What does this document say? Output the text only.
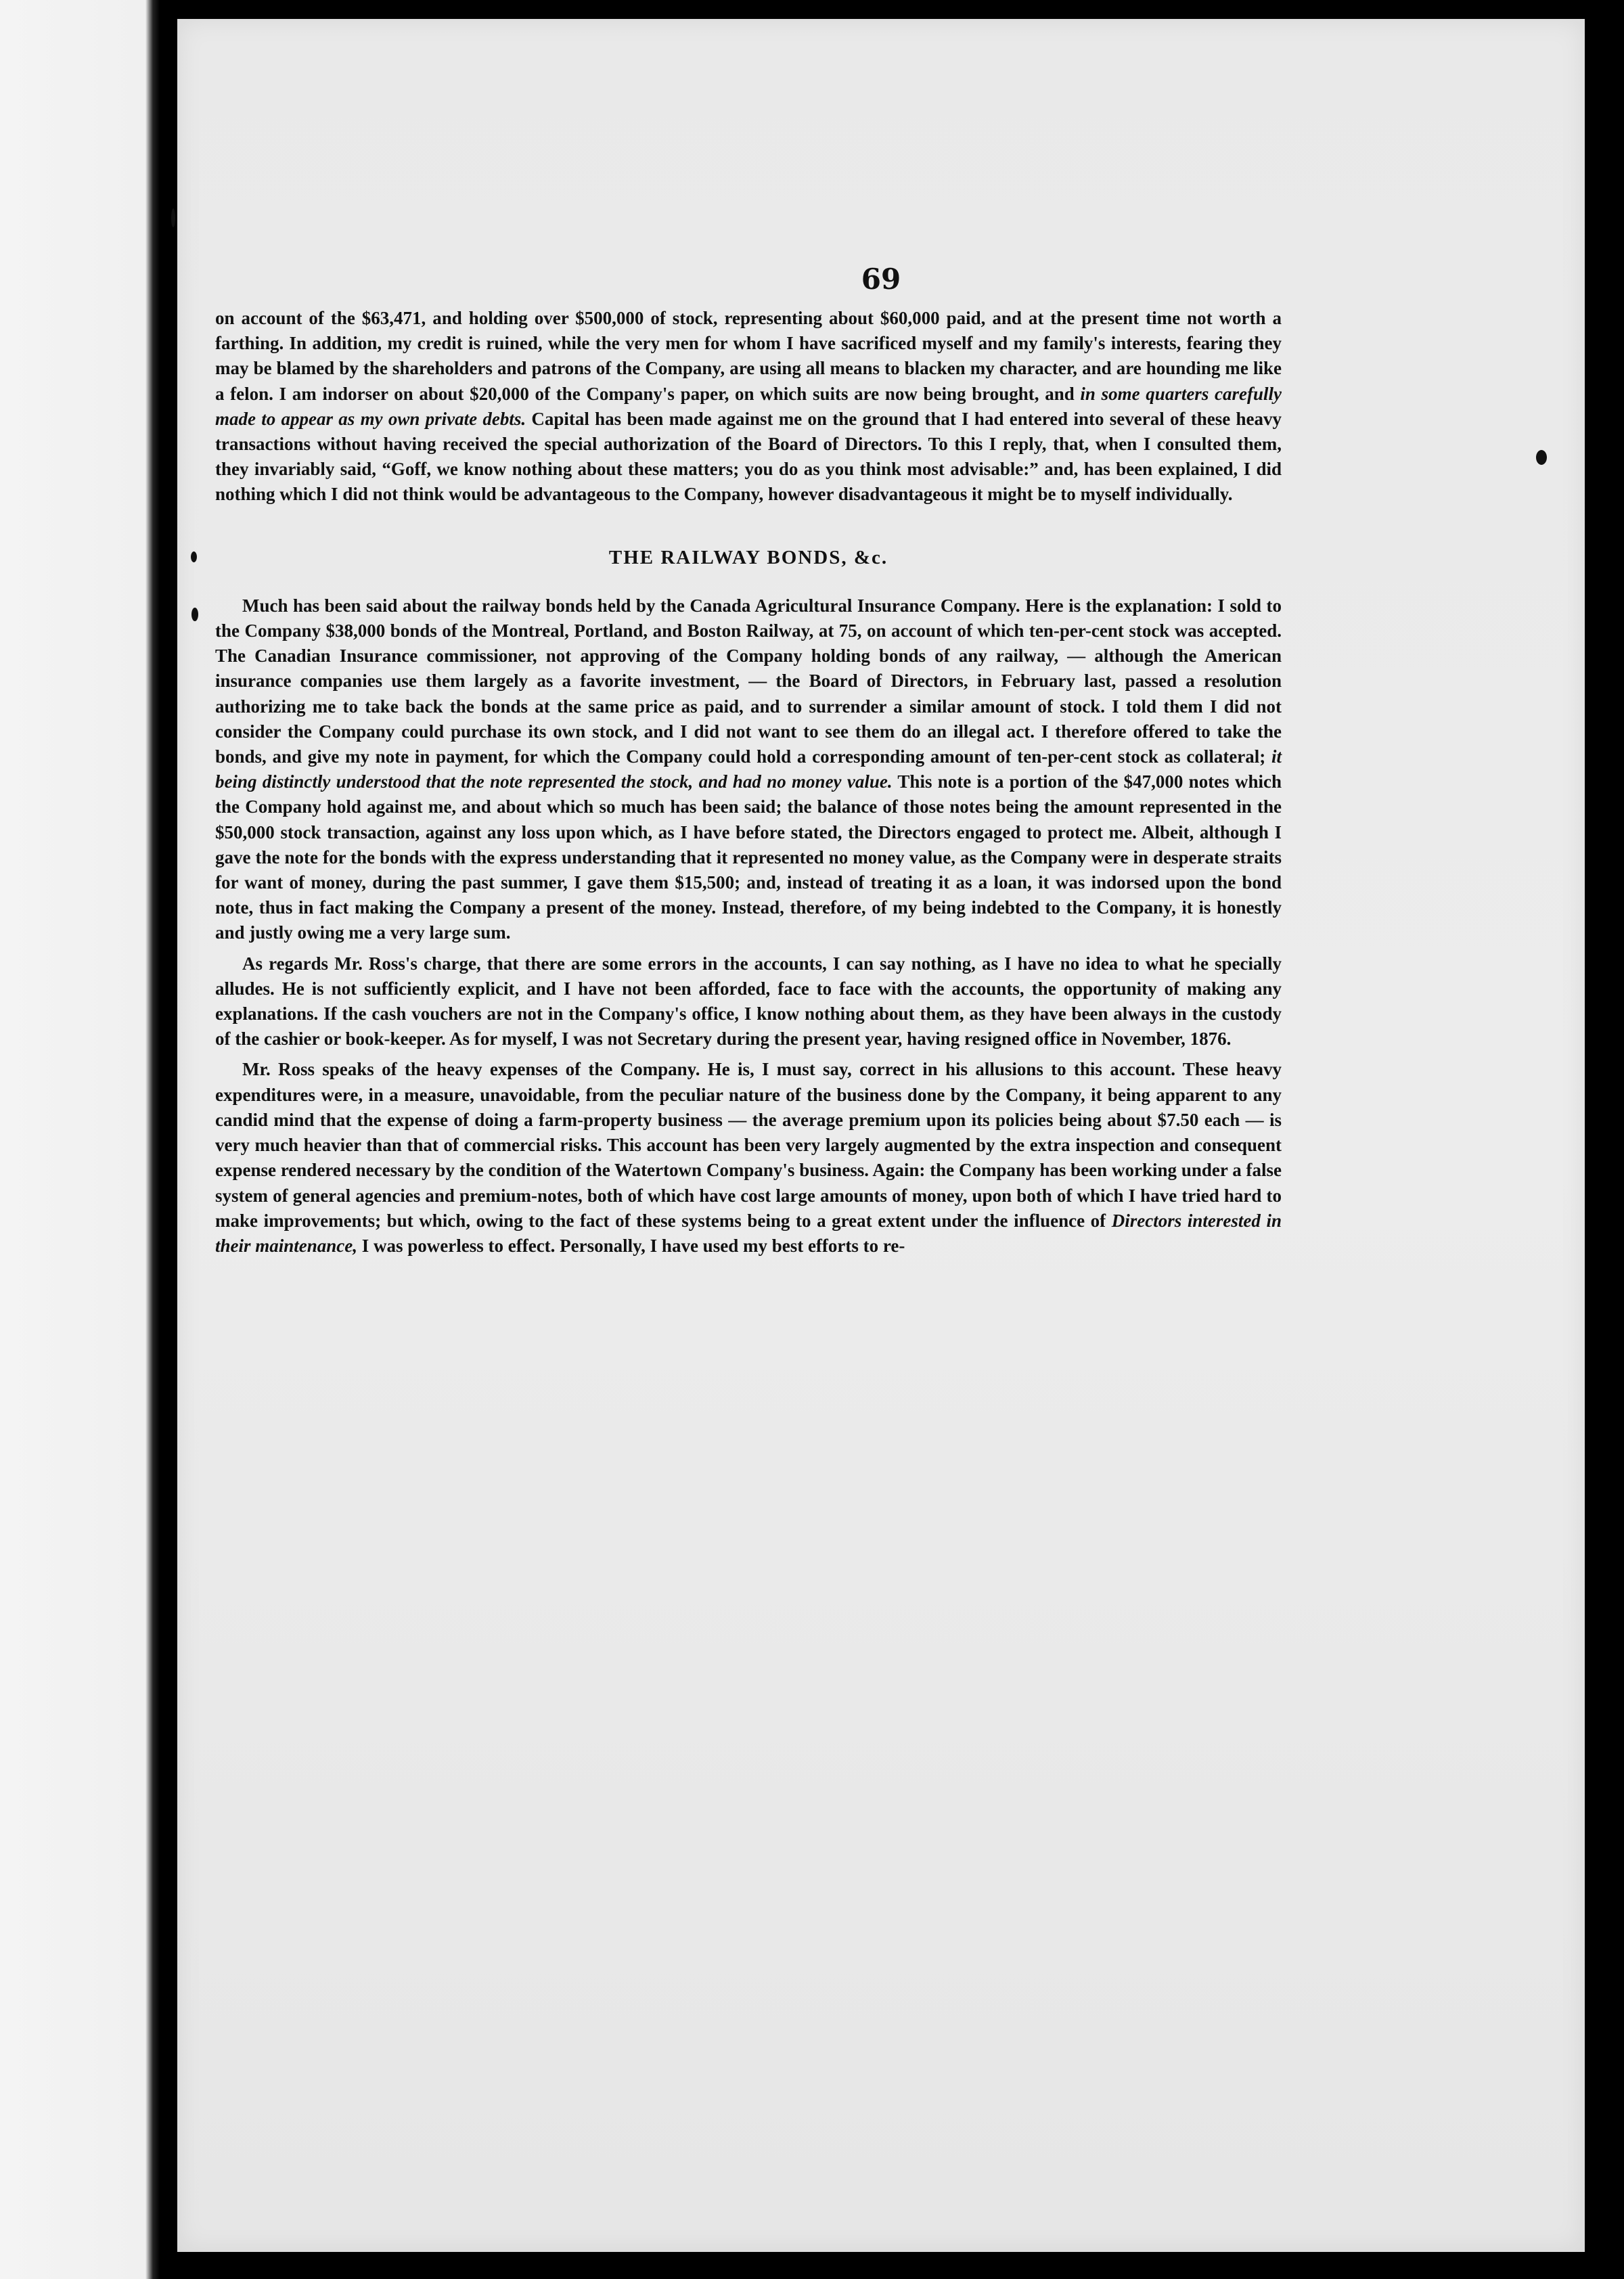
69

on account of the $63,471, and holding over $500,000 of stock, representing about $60,000 paid, and at the present time not worth a farthing. In addition, my credit is ruined, while the very men for whom I have sacrificed myself and my family's interests, fearing they may be blamed by the shareholders and patrons of the Company, are using all means to blacken my character, and are hounding me like a felon. I am indorser on about $20,000 of the Company's paper, on which suits are now being brought, and in some quarters carefully made to appear as my own private debts. Capital has been made against me on the ground that I had entered into several of these heavy transactions without having received the special authorization of the Board of Directors. To this I reply, that, when I consulted them, they invariably said, “Goff, we know nothing about these matters; you do as you think most advisable:” and, has been explained, I did nothing which I did not think would be advantageous to the Company, however disadvantageous it might be to myself individually.

THE RAILWAY BONDS, &c.

Much has been said about the railway bonds held by the Canada Agricultural Insurance Company. Here is the explanation: I sold to the Company $38,000 bonds of the Montreal, Portland, and Boston Railway, at 75, on account of which ten-per-cent stock was accepted. The Canadian Insurance commissioner, not approving of the Company holding bonds of any railway, — although the American insurance companies use them largely as a favorite investment, — the Board of Directors, in February last, passed a resolution authorizing me to take back the bonds at the same price as paid, and to surrender a similar amount of stock. I told them I did not consider the Company could purchase its own stock, and I did not want to see them do an illegal act. I therefore offered to take the bonds, and give my note in payment, for which the Company could hold a corresponding amount of ten-per-cent stock as collateral; it being distinctly understood that the note represented the stock, and had no money value. This note is a portion of the $47,000 notes which the Company hold against me, and about which so much has been said; the balance of those notes being the amount represented in the $50,000 stock transaction, against any loss upon which, as I have before stated, the Directors engaged to protect me. Albeit, although I gave the note for the bonds with the express understanding that it represented no money value, as the Company were in desperate straits for want of money, during the past summer, I gave them $15,500; and, instead of treating it as a loan, it was indorsed upon the bond note, thus in fact making the Company a present of the money. Instead, therefore, of my being indebted to the Company, it is honestly and justly owing me a very large sum.

As regards Mr. Ross's charge, that there are some errors in the accounts, I can say nothing, as I have no idea to what he specially alludes. He is not sufficiently explicit, and I have not been afforded, face to face with the accounts, the opportunity of making any explanations. If the cash vouchers are not in the Company's office, I know nothing about them, as they have been always in the custody of the cashier or book-keeper. As for myself, I was not Secretary during the present year, having resigned office in November, 1876.

Mr. Ross speaks of the heavy expenses of the Company. He is, I must say, correct in his allusions to this account. These heavy expenditures were, in a measure, unavoidable, from the peculiar nature of the business done by the Company, it being apparent to any candid mind that the expense of doing a farm-property business — the average premium upon its policies being about $7.50 each — is very much heavier than that of commercial risks. This account has been very largely augmented by the extra inspection and consequent expense rendered necessary by the condition of the Watertown Company's business. Again: the Company has been working under a false system of general agencies and premium-notes, both of which have cost large amounts of money, upon both of which I have tried hard to make improvements; but which, owing to the fact of these systems being to a great extent under the influence of Directors interested in their maintenance, I was powerless to effect. Personally, I have used my best efforts to re-
